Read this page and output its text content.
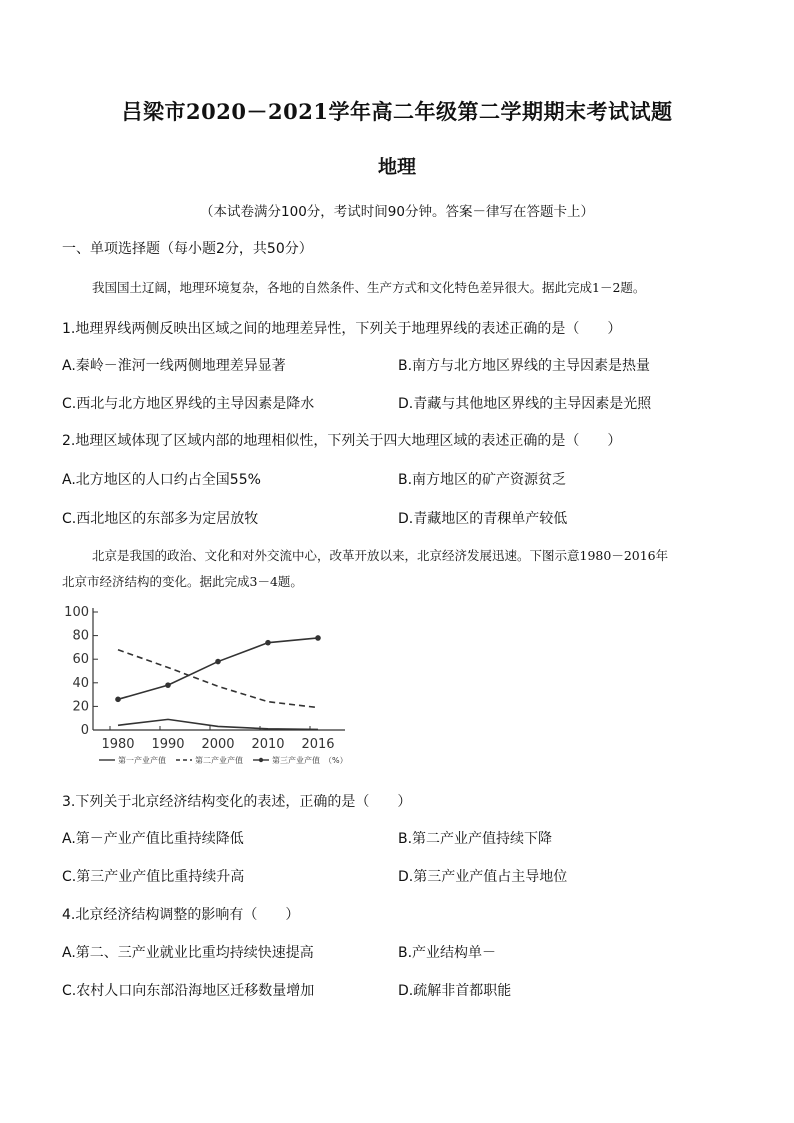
吕梁市2020－2021学年高二年级第二学期期末考试试题
地理
（本试卷满分100分，考试时间90分钟。答案－律写在答题卡上）
一、单项选择题（每小题2分，共50分）
我国国土辽阔，地理环境复杂，各地的自然条件、生产方式和文化特色差异很大。据此完成1－2题。
1.地理界线两侧反映出区域之间的地理差异性，下列关于地理界线的表述正确的是（　　）
A.秦岭－淮河一线两侧地理差异显著	B.南方与北方地区界线的主导因素是热量
C.西北与北方地区界线的主导因素是降水	D.青藏与其他地区界线的主导因素是光照
2.地理区域体现了区域内部的地理相似性，下列关于四大地理区域的表述正确的是（　　）
A.北方地区的人口约占全国55%	B.南方地区的矿产资源贫乏
C.西北地区的东部多为定居放牧	D.青藏地区的青稞单产较低
北京是我国的政治、文化和对外交流中心，改革开放以来，北京经济发展迅速。下图示意1980－2016年
北京市经济结构的变化。据此完成3－4题。
0
20
40
60
80
100
1980 1990 2000 2010 2016
第一产业产值	第二产业产值	第三产业产值 （%）
3.下列关于北京经济结构变化的表述，正确的是（　　）
A.第－产业产值比重持续降低	B.第二产业产值持续下降
C.第三产业产值比重持续升高	D.第三产业产值占主导地位
4.北京经济结构调整的影响有（　　）
A.第二、三产业就业比重均持续快速提高	B.产业结构单－
C.农村人口向东部沿海地区迁移数量增加	D.疏解非首都职能
